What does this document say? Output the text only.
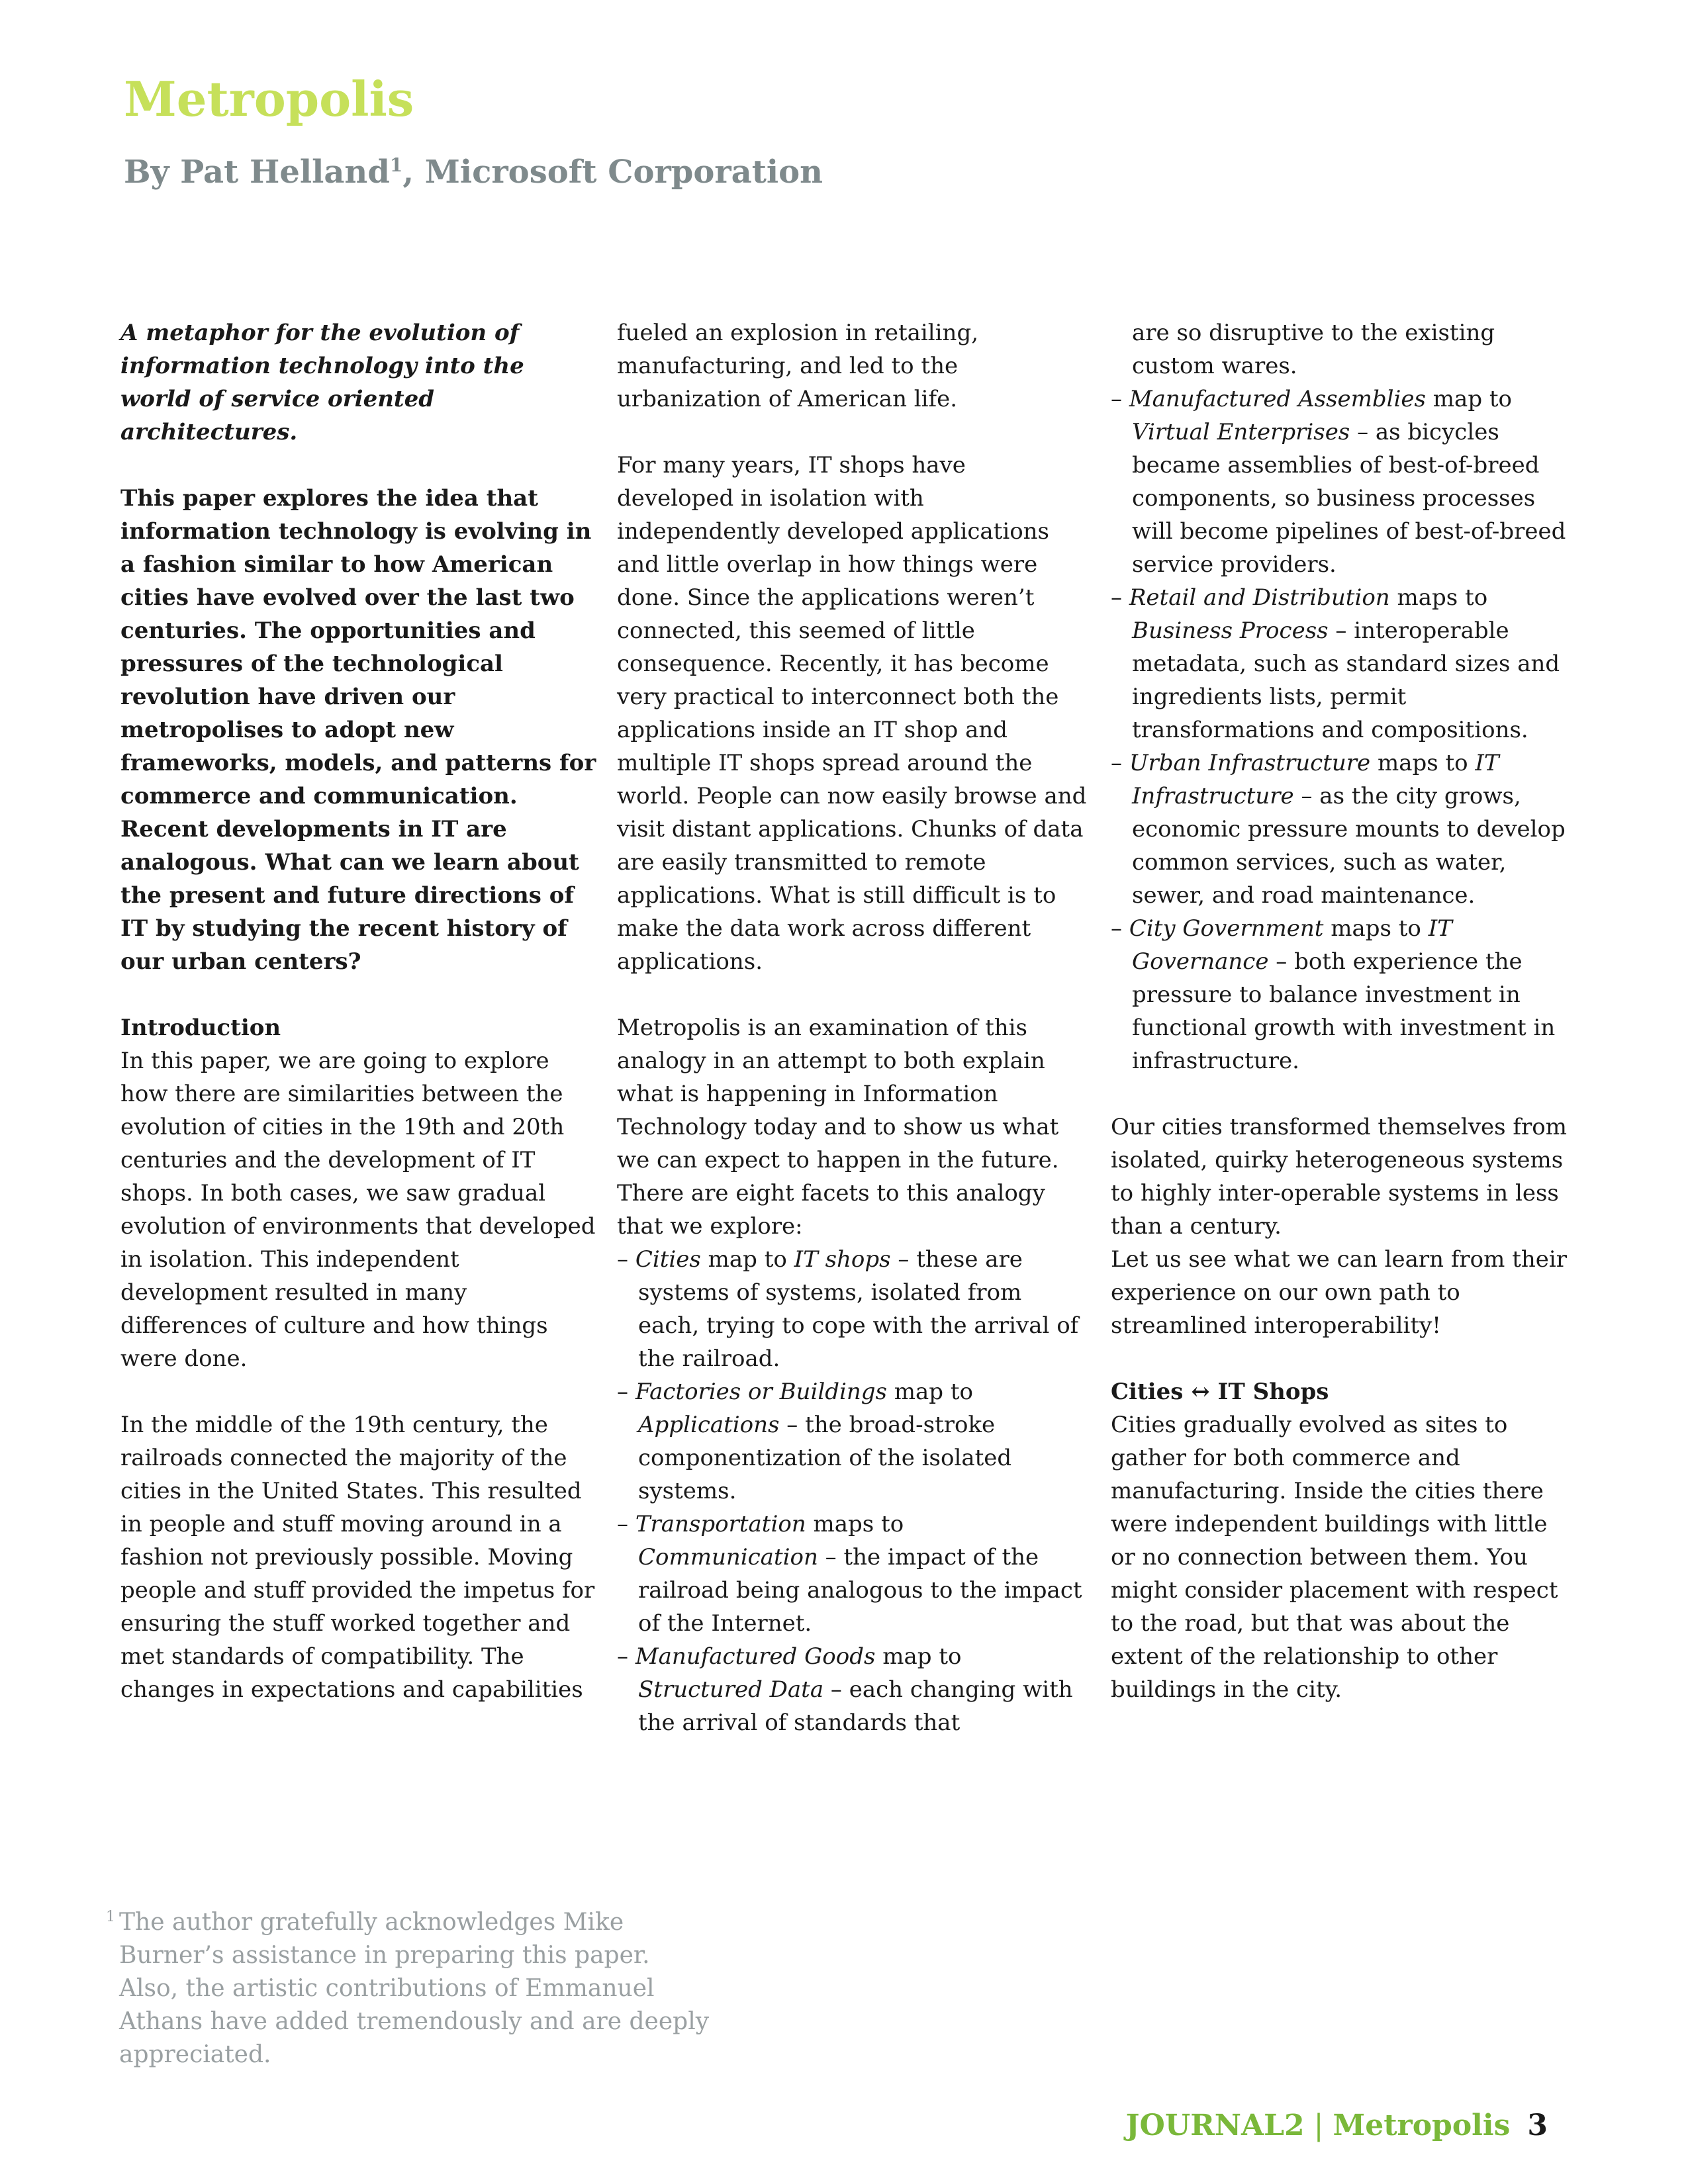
Metropolis
By Pat Helland$^1$, Microsoft Corporation

A metaphor for the evolution of information technology into the world of service oriented architectures.

This paper explores the idea that information technology is evolving in a fashion similar to how American cities have evolved over the last two centuries. The opportunities and pressures of the technological revolution have driven our metropolises to adopt new frameworks, models, and patterns for commerce and communication. Recent developments in IT are analogous. What can we learn about the present and future directions of IT by studying the recent history of our urban centers?

Introduction

In this paper, we are going to explore how there are similarities between the evolution of cities in the 19th and 20th centuries and the development of IT shops. In both cases, we saw gradual evolution of environments that developed in isolation. This independent development resulted in many differences of culture and how things were done.

In the middle of the 19th century, the railroads connected the majority of the cities in the United States. This resulted in people and stuff moving around in a fashion not previously possible. Moving people and stuff provided the impetus for ensuring the stuff worked together and met standards of compatibility. The changes in expectations and capabilities

fueled an explosion in retailing, manufacturing, and led to the urbanization of American life.

For many years, IT shops have developed in isolation with independently developed applications and little overlap in how things were done. Since the applications weren’t connected, this seemed of little consequence. Recently, it has become very practical to interconnect both the applications inside an IT shop and multiple IT shops spread around the world. People can now easily browse and visit distant applications. Chunks of data are easily transmitted to remote applications. What is still difficult is to make the data work across different applications.

Metropolis is an examination of this analogy in an attempt to both explain what is happening in Information Technology today and to show us what we can expect to happen in the future. There are eight facets to this analogy that we explore:

– Cities map to IT shops – these are systems of systems, isolated from each, trying to cope with the arrival of the railroad.

– Factories or Buildings map to Applications – the broad-stroke componentization of the isolated systems.

– Transportation maps to Communication – the impact of the railroad being analogous to the impact of the Internet.

– Manufactured Goods map to Structured Data – each changing with the arrival of standards that

are so disruptive to the existing custom wares.

– Manufactured Assemblies map to Virtual Enterprises – as bicycles became assemblies of best-of-breed components, so business processes will become pipelines of best-of-breed service providers.

– Retail and Distribution maps to Business Process – interoperable metadata, such as standard sizes and ingredients lists, permit transformations and compositions.

– Urban Infrastructure maps to IT Infrastructure – as the city grows, economic pressure mounts to develop common services, such as water, sewer, and road maintenance.

– City Government maps to IT Governance – both experience the pressure to balance investment in functional growth with investment in infrastructure.

Our cities transformed themselves from isolated, quirky heterogeneous systems to highly inter-operable systems in less than a century.

Let us see what we can learn from their experience on our own path to streamlined interoperability!

Cities ↔ IT Shops

Cities gradually evolved as sites to gather for both commerce and manufacturing. Inside the cities there were independent buildings with little or no connection between them. You might consider placement with respect to the road, but that was about the extent of the relationship to other buildings in the city.

$^1$ The author gratefully acknowledges Mike Burner’s assistance in preparing this paper. Also, the artistic contributions of Emmanuel Athans have added tremendously and are deeply appreciated.
JOURNAL2 | Metropolis 3
